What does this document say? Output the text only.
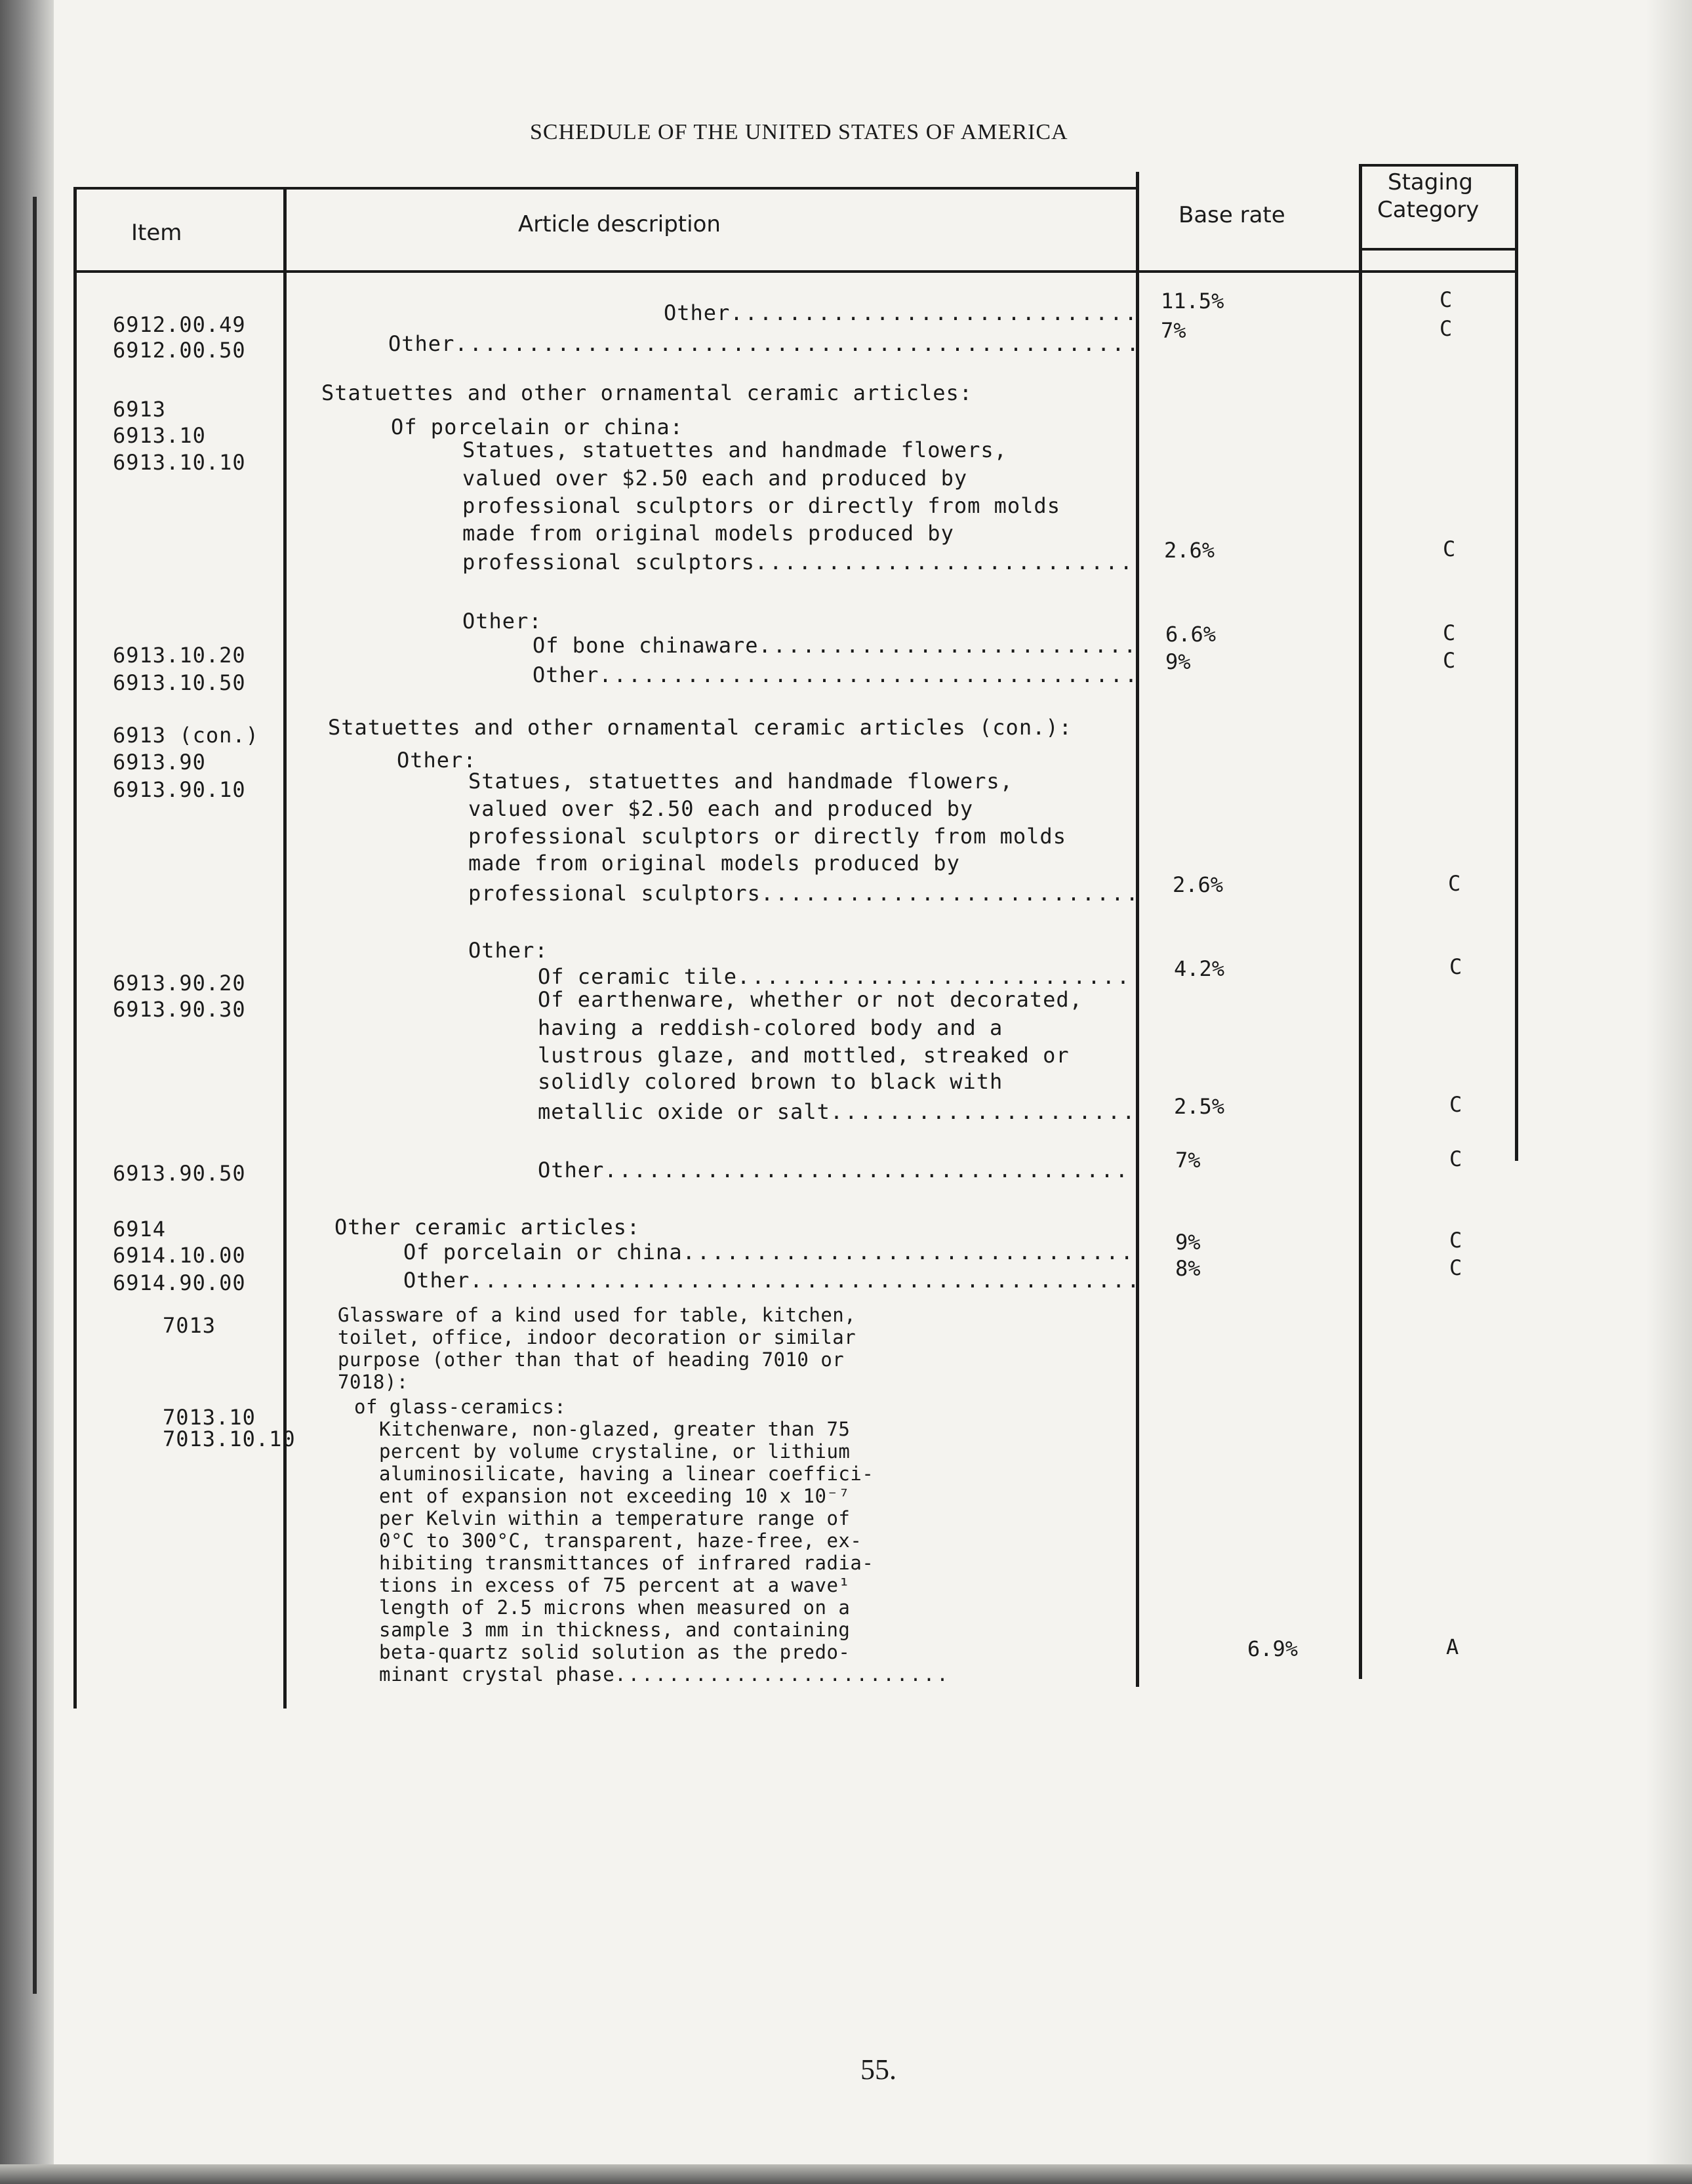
SCHEDULE OF THE UNITED STATES OF AMERICA
Item	Article description	Base rate
Staging
Category
6912.00.49
6912.00.50
6913
6913.10
6913.10.10
6913.10.20
6913.10.50
6913 (con.)
6913.90
6913.90.10
6913.90.20
6913.90.30
6913.90.50
6914
6914.10.00
6914.90.00
7013
7013.10
7013.10.10
Other
.....
Other
.....
Statuettes and other ornamental ceramic articles:
Of porcelain or china:
Statues, statuettes and handmade flowers,
valued over $2.50 each and produced by
professional sculptors or directly from molds
made from original models produced by
professional sculptors
.....
Other:
Of bone chinaware
.....
Other
.....
Statuettes and other ornamental ceramic articles (con.):
Other:
Statues, statuettes and handmade flowers,
valued over $2.50 each and produced by
professional sculptors or directly from molds
made from original models produced by
professional sculptors
.....
Other:
Of ceramic tile
.....
Of earthenware, whether or not decorated,
having a reddish-colored body and a
lustrous glaze, and mottled, streaked or
solidly colored brown to black with
metallic oxide or salt
.....
Other
.....
Other ceramic articles:
Of porcelain or china
.....
Other
.....
Glassware of a kind used for table, kitchen,
toilet, office, indoor decoration or similar
purpose (other than that of heading 7010 or
7018):
of glass-ceramics:
Kitchenware, non-glazed, greater than 75
percent by volume crystaline, or lithium
aluminosilicate, having a linear coeffici-
ent of expansion not exceeding 10 x 10⁻⁷
per Kelvin within a temperature range of
0°C to 300°C, transparent, haze-free, ex-
hibiting transmittances of infrared radia-
tions in excess of 75 percent at a wave¹
length of 2.5 microns when measured on a
sample 3 mm in thickness, and containing
beta-quartz solid solution as the predo-
minant crystal phase
.....
11.5%
7%
2.6%
6.6%
9%
2.6%
4.2%
2.5%
7%
9%
8%
6.9%
C
C
C
C
C
C
C
C
C
C
C
A
55.
